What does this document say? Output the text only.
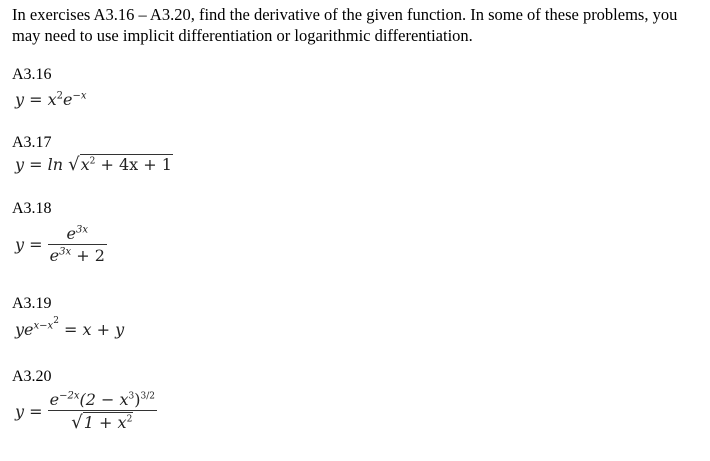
In exercises A3.16 – A3.20, find the derivative of the given function. In some of these problems, you may need to use implicit differentiation or logarithmic differentiation.
A3.16
$y = x^2e^{-x}$
A3.17
$y = \ln √x^2 + 4x + 1$
A3.18
$y = \frac{e^{3x}}{e^{3x} + 2}$
A3.19
$ye^{x-x2} = x + y$
A3.20
$y = \frac{e^{-2x}(2 - x^3)^{3/2}}{√1 + x^2}$
